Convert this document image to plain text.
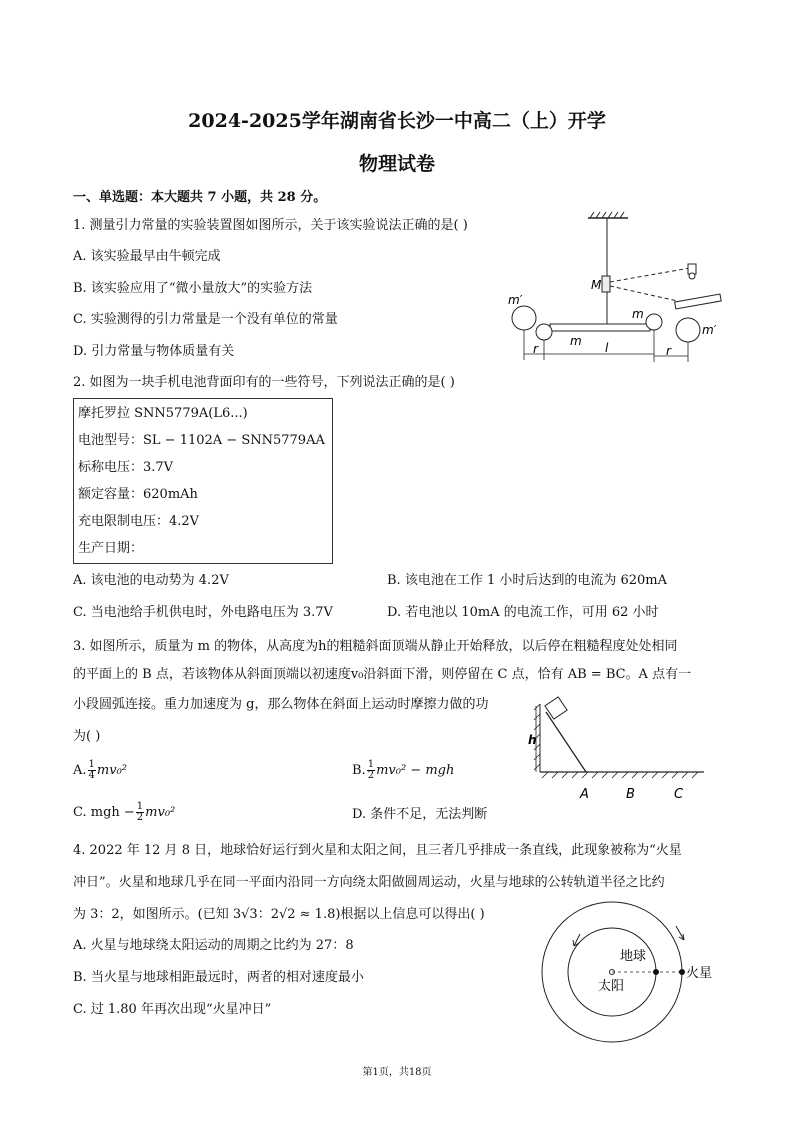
2024-2025学年湖南省长沙一中高二（上）开学
物理试卷
一、单选题：本大题共 7 小题，共 28 分。
1. 测量引力常量的实验装置图如图所示，关于该实验说法正确的是( )
A. 该实验最早由牛顿完成
B. 该实验应用了“微小量放大”的实验方法
C. 实验测得的引力常量是一个没有单位的常量
D. 引力常量与物体质量有关
M
m′
m′
m
m
r	l	r
2. 如图为一块手机电池背面印有的一些符号，下列说法正确的是( )
摩托罗拉 SNN5779A(L6...)
电池型号：SL − 1102A − SNN5779AA
标称电压：3.7V
额定容量：620mAh
充电限制电压：4.2V
生产日期：
A. 该电池的电动势为 4.2V	B. 该电池在工作 1 小时后达到的电流为 620mA
C. 当电池给手机供电时，外电路电压为 3.7V	D. 若电池以 10mA 的电流工作，可用 62 小时
3. 如图所示，质量为 m 的物体，从高度为h的粗糙斜面顶端从静止开始释放，以后停在粗糙程度处处相同
的平面上的 B 点，若该物体从斜面顶端以初速度v₀沿斜面下滑，则停留在 C 点，恰有 AB = BC。A 点有一
小段圆弧连接。重力加速度为 g，那么物体在斜面上运动时摩擦力做的功
为( )
A. $\frac{1}{4} mv_0^2$	B. $\frac{1}{2} mv_0^2$ − mgh
C. mgh − $\frac{1}{2} mv_0^2$	D. 条件不足，无法判断
h
A	B	C
4. 2022 年 12 月 8 日，地球恰好运行到火星和太阳之间，且三者几乎排成一条直线，此现象被称为“火星
冲日”。火星和地球几乎在同一平面内沿同一方向绕太阳做圆周运动，火星与地球的公转轨道半径之比约
为 3：2，如图所示。(已知 3√3：2√2 ≈ 1.8)根据以上信息可以得出( )
A. 火星与地球绕太阳运动的周期之比约为 27：8
B. 当火星与地球相距最远时，两者的相对速度最小
C. 过 1.80 年再次出现“火星冲日”
地球
太阳
火星
第1页，共18页
